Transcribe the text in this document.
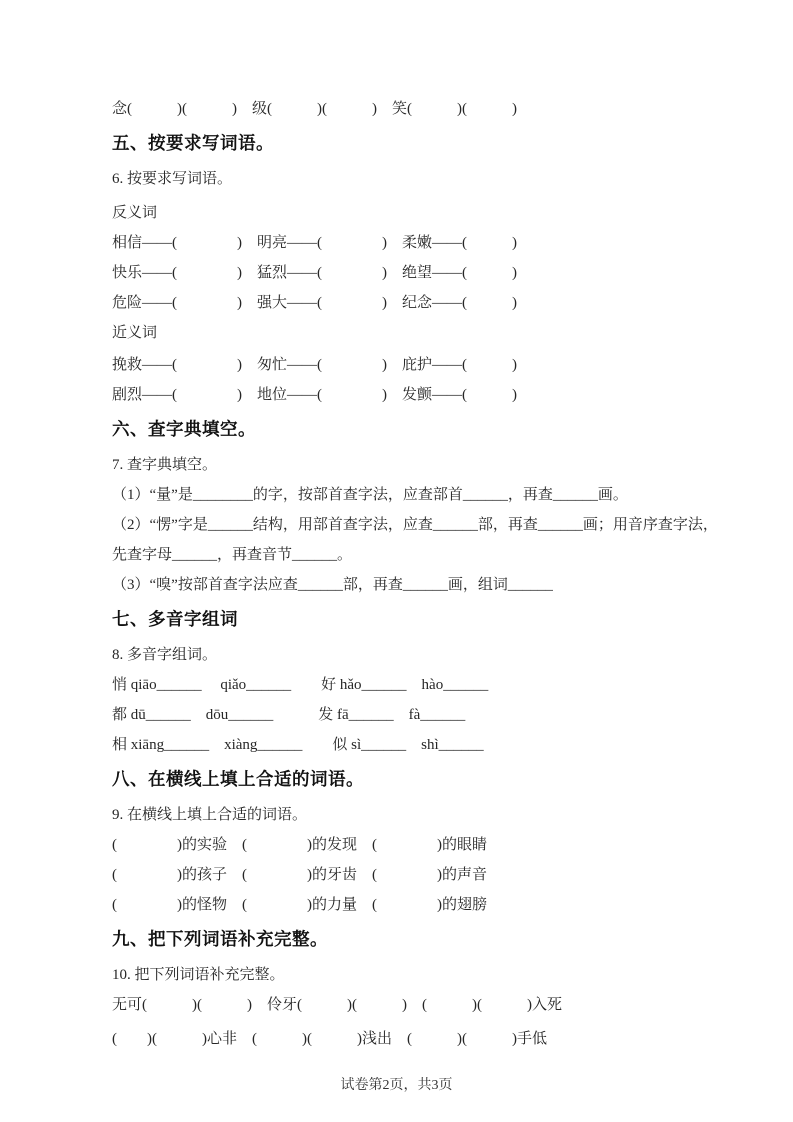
念(　　　)(　　　)　级(　　　)(　　　)　笑(　　　)(　　　)
五、按要求写词语。
6. 按要求写词语。
反义词
相信——(　　　　)　明亮——(　　　　)　柔嫩——(　　　)
快乐——(　　　　)　猛烈——(　　　　)　绝望——(　　　)
危险——(　　　　)　强大——(　　　　)　纪念——(　　　)
近义词
挽救——(　　　　)　匆忙——(　　　　)　庇护——(　　　)
剧烈——(　　　　)　地位——(　　　　)　发颤——(　　　)
六、查字典填空。
7. 查字典填空。
（1）“量”是________的字，按部首查字法，应查部首______，再查______画。
（2）“愣”字是______结构，用部首查字法，应查______部，再查______画；用音序查字法，
先查字母______，再查音节______。
（3）“嗅”按部首查字法应查______部，再查______画，组词______
七、多音字组词
8. 多音字组词。
悄 qiāo______　 qiǎo______　　好 hǎo______　hào______
都 dū______　dōu______　　　发 fā______　fà______
相 xiāng______　xiàng______　　似 sì______　shì______
八、在横线上填上合适的词语。
9. 在横线上填上合适的词语。
(　　　　)的实验　(　　　　)的发现　(　　　　)的眼睛
(　　　　)的孩子　(　　　　)的牙齿　(　　　　)的声音
(　　　　)的怪物　(　　　　)的力量　(　　　　)的翅膀
九、把下列词语补充完整。
10. 把下列词语补充完整。
无可(　　　)(　　　)　伶牙(　　　)(　　　)　(　　　)(　　　)入死
(　　)(　　　)心非　(　　　)(　　　)浅出　(　　　)(　　　)手低
试卷第2页，共3页
